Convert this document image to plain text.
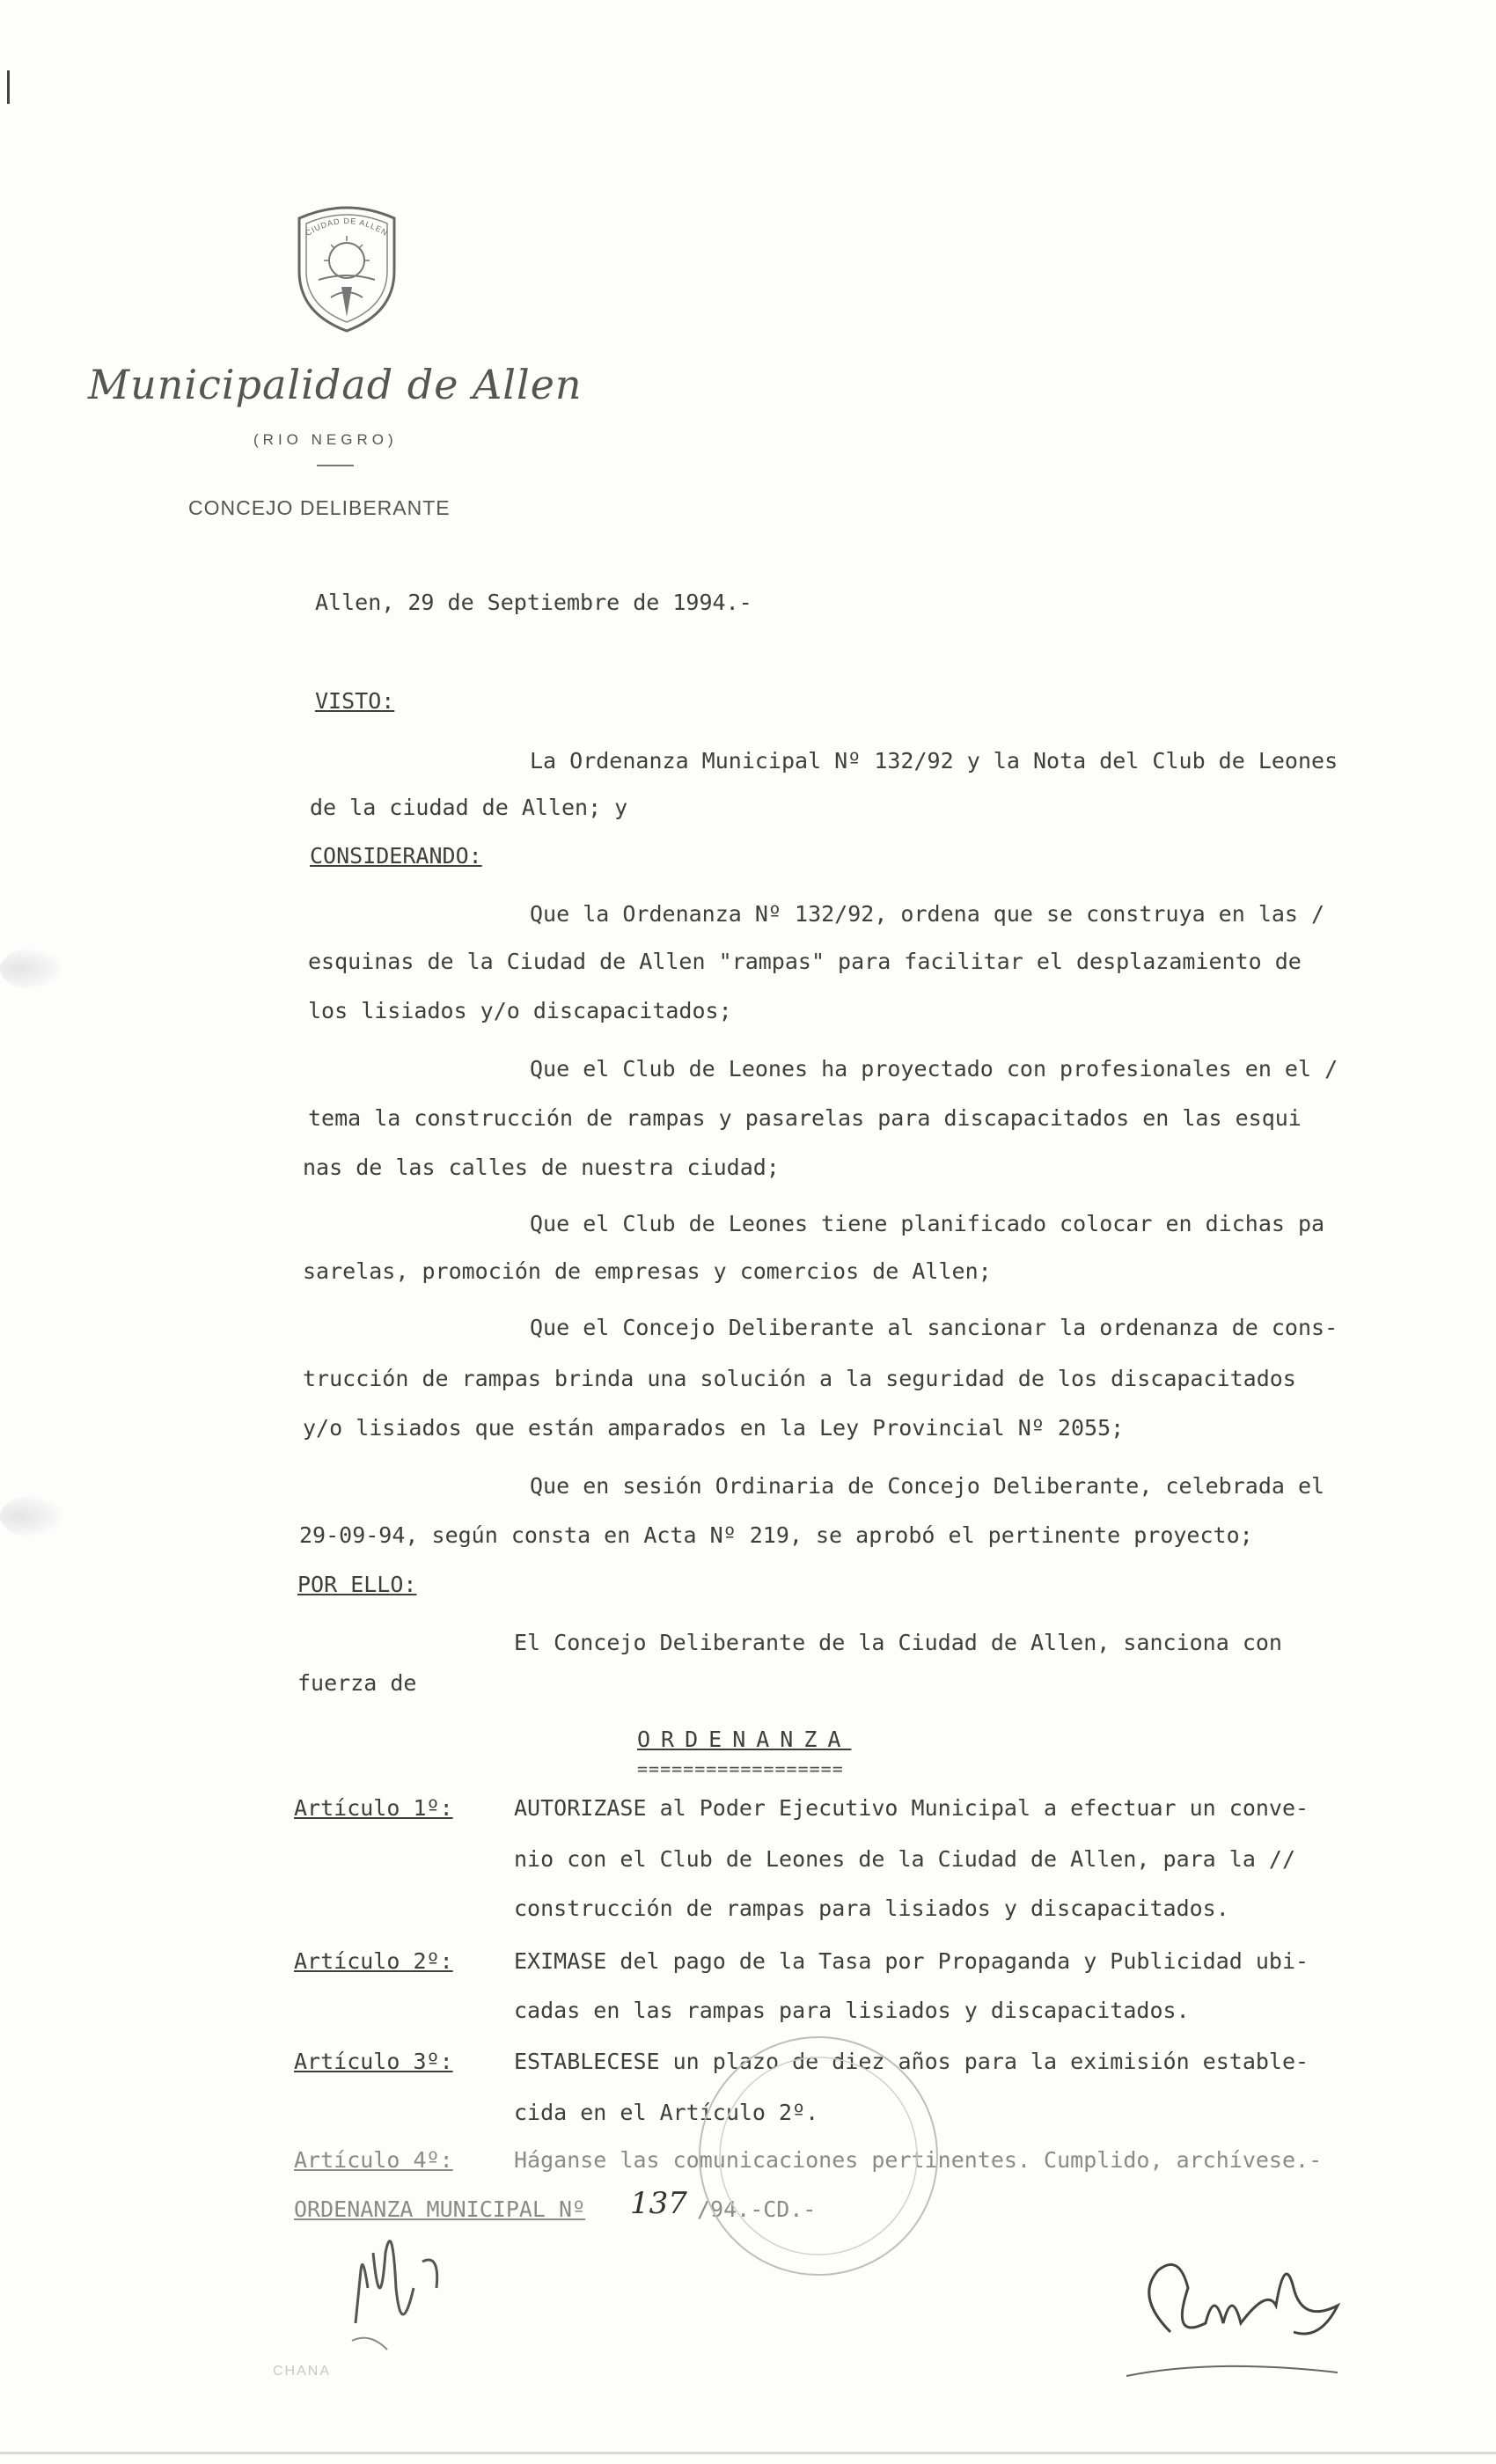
CIUDAD DE ALLEN
Municipalidad de Allen
(RIO NEGRO)
CONCEJO DELIBERANTE
Allen, 29 de Septiembre de 1994.-
VISTO:
La Ordenanza Municipal Nº 132/92 y la Nota del Club de Leones
de la ciudad de Allen; y
CONSIDERANDO:
Que la Ordenanza Nº 132/92, ordena que se construya en las /
esquinas de la Ciudad de Allen "rampas" para facilitar el desplazamiento de
los lisiados y/o discapacitados;
Que el Club de Leones ha proyectado con profesionales en el /
tema la construcción de rampas y pasarelas para discapacitados en las esqui
nas de las calles de nuestra ciudad;
Que el Club de Leones tiene planificado colocar en dichas pa
sarelas, promoción de empresas y comercios de Allen;
Que el Concejo Deliberante al sancionar la ordenanza de cons-
trucción de rampas brinda una solución a la seguridad de los discapacitados
y/o lisiados que están amparados en la Ley Provincial Nº 2055;
Que en sesión Ordinaria de Concejo Deliberante, celebrada el
29-09-94, según consta en Acta Nº 219, se aprobó el pertinente proyecto;
POR ELLO:
El Concejo Deliberante de la Ciudad de Allen, sanciona con
fuerza de
ORDENANZA
==================
Artículo 1º:	AUTORIZASE al Poder Ejecutivo Municipal a efectuar un conve-
nio con el Club de Leones de la Ciudad de Allen, para la //
construcción de rampas para lisiados y discapacitados.
Artículo 2º:	EXIMASE del pago de la Tasa por Propaganda y Publicidad ubi-
cadas en las rampas para lisiados y discapacitados.
Artículo 3º:	ESTABLECESE un plazo de diez años para la eximisión estable-
cida en el Artículo 2º.
Artículo 4º:	Háganse las comunicaciones pertinentes. Cumplido, archívese.-
ORDENANZA MUNICIPAL Nº 137 /94.-CD.-
CHANA
